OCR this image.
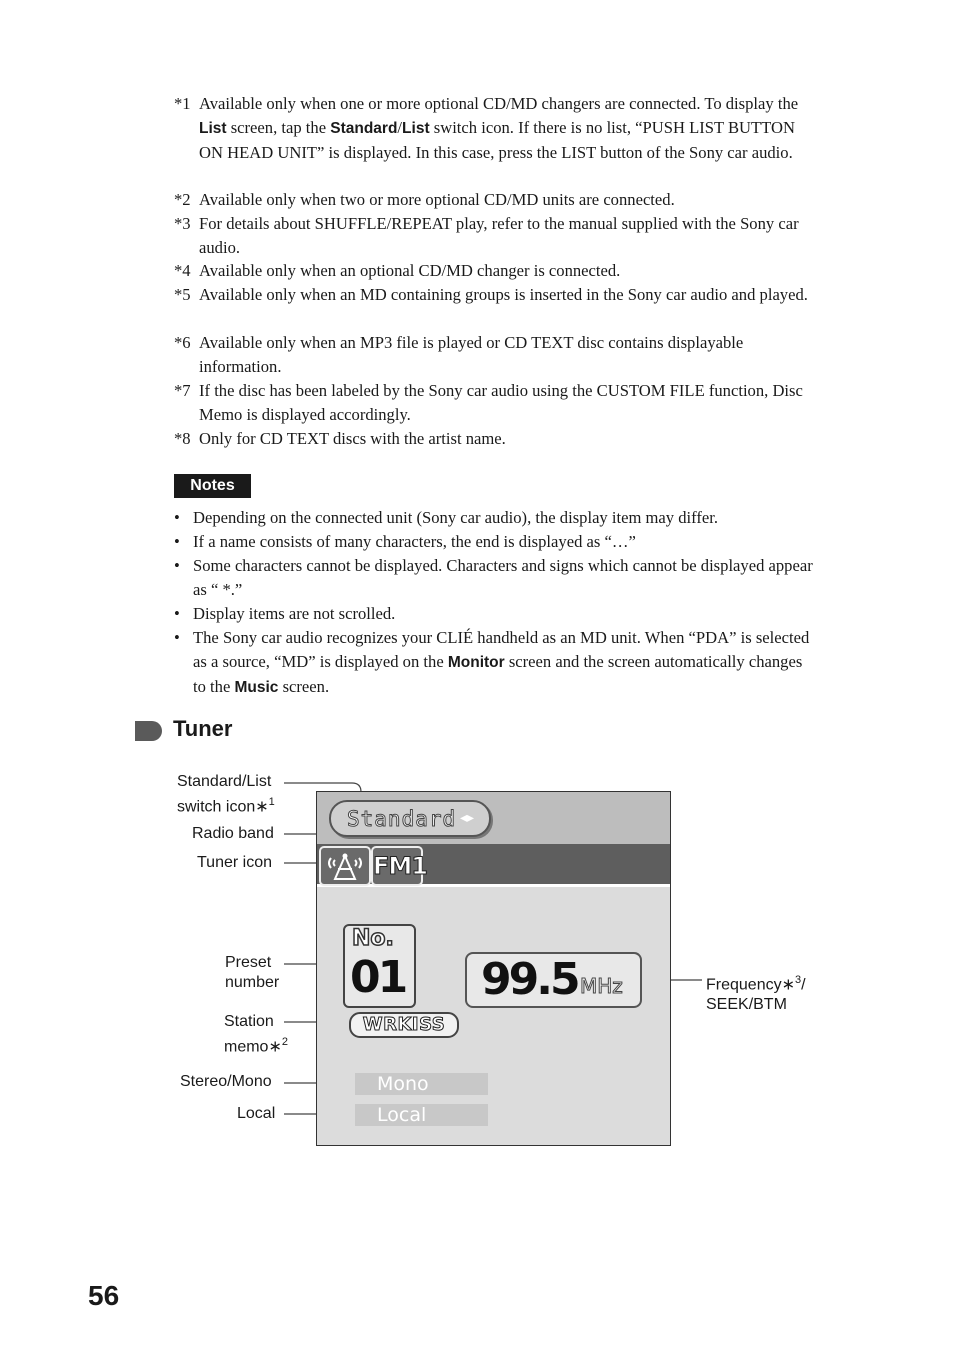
*1 Available only when one or more optional CD/MD changers are connected. To display the List screen, tap the Standard/List switch icon. If there is no list, “PUSH LIST BUTTON ON HEAD UNIT” is displayed. In this case, press the LIST button of the Sony car audio.
*2 Available only when two or more optional CD/MD units are connected.
*3 For details about SHUFFLE/REPEAT play, refer to the manual supplied with the Sony car audio.
*4 Available only when an optional CD/MD changer is connected.
*5 Available only when an MD containing groups is inserted in the Sony car audio and played.
*6 Available only when an MP3 file is played or CD TEXT disc contains displayable information.
*7 If the disc has been labeled by the Sony car audio using the CUSTOM FILE function, Disc Memo is displayed accordingly.
*8 Only for CD TEXT discs with the artist name.
Notes
• Depending on the connected unit (Sony car audio), the display item may differ.
• If a name consists of many characters, the end is displayed as “…”
• Some characters cannot be displayed. Characters and signs which cannot be displayed appear as “ *.”
• Display items are not scrolled.
• The Sony car audio recognizes your CLIÉ handheld as an MD unit. When “PDA” is selected as a source, “MD” is displayed on the Monitor screen and the screen automatically changes to the Music screen.
Tuner
Standard/List
switch icon∗$^1$
Radio band
Tuner icon
Preset
number
Station
memo∗$^2$
Stereo/Mono
Local
Frequency∗$^3$/
SEEK/BTM
Standard ◂▸
FM1
No.
01 99.5 MHz
WRKISS
Mono
Local
56
